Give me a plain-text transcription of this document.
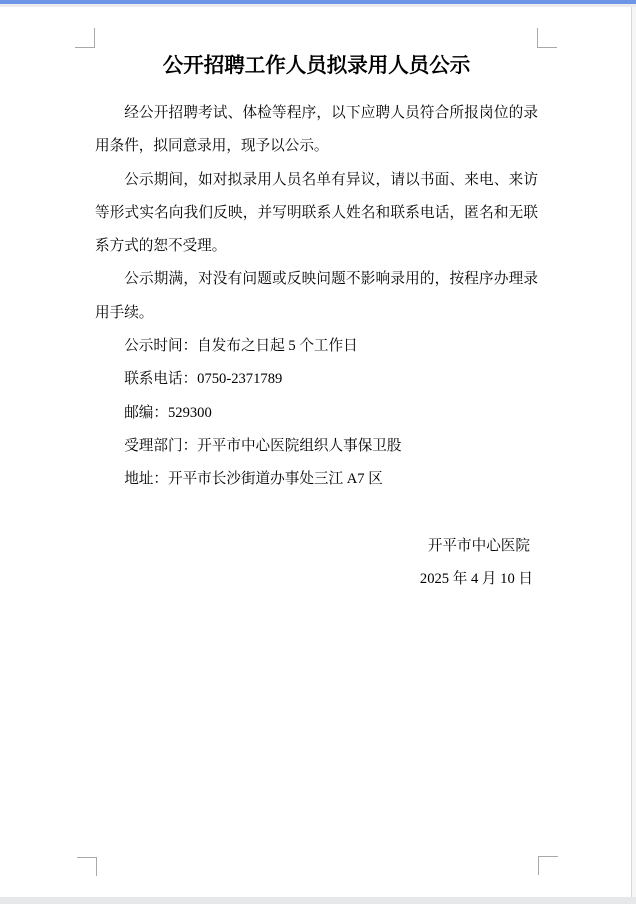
公开招聘工作人员拟录用人员公示

经公开招聘考试、体检等程序，以下应聘人员符合所报岗位的录用条件，拟同意录用，现予以公示。

公示期间，如对拟录用人员名单有异议，请以书面、来电、来访等形式实名向我们反映，并写明联系人姓名和联系电话，匿名和无联系方式的恕不受理。

公示期满，对没有问题或反映问题不影响录用的，按程序办理录用手续。

公示时间：自发布之日起 5 个工作日

联系电话：0750-2371789

邮编：529300

受理部门：开平市中心医院组织人事保卫股

地址：开平市长沙街道办事处三江 A7 区

开平市中心医院

2025 年 4 月 10 日
